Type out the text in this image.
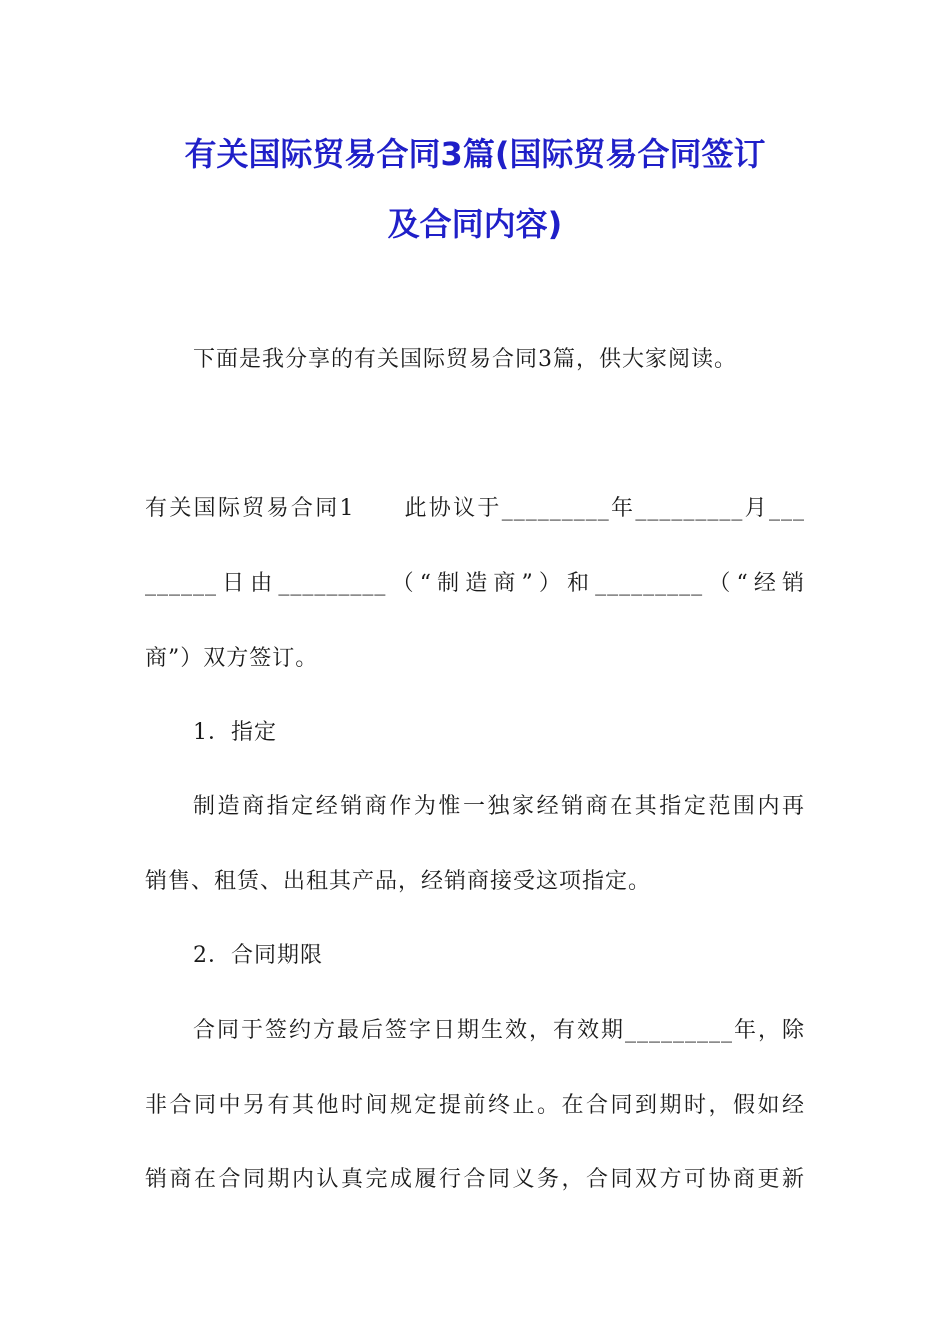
有关国际贸易合同3篇(国际贸易合同签订
及合同内容)
下面是我分享的有关国际贸易合同3篇，供大家阅读。
有关国际贸易合同1　　此协议于_________年_________月___
______日由_________（“制造商”）和_________（“经销
商”）双方签订。
1．指定
制造商指定经销商作为惟一独家经销商在其指定范围内再
销售、租赁、出租其产品，经销商接受这项指定。
2．合同期限
合同于签约方最后签字日期生效，有效期_________年，除
非合同中另有其他时间规定提前终止。在合同到期时，假如经
销商在合同期内认真完成履行合同义务，合同双方可协商更新
